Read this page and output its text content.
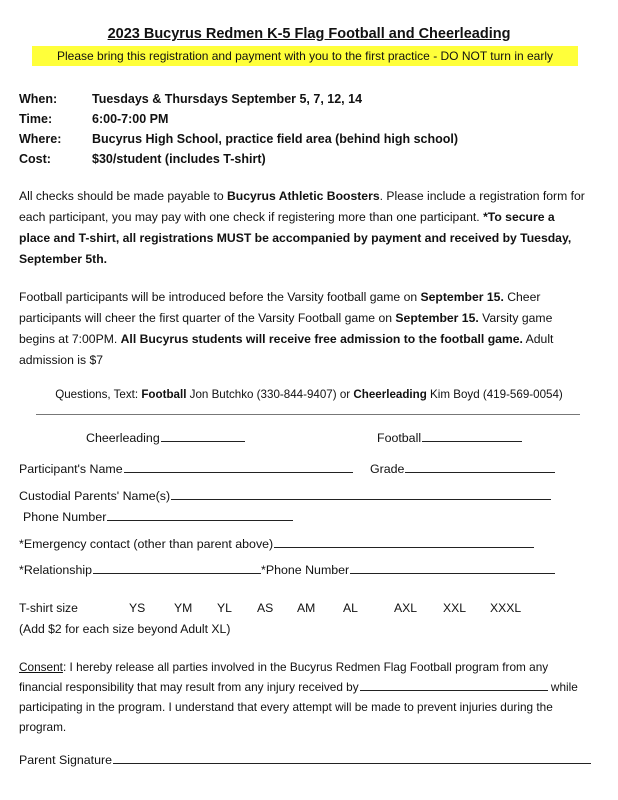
2023 Bucyrus Redmen K-5 Flag Football and Cheerleading
Please bring this registration and payment with you to the first practice - DO NOT turn in early
When:	Tuesdays & Thursdays September 5, 7, 12, 14
Time:	6:00-7:00 PM
Where: Bucyrus High School, practice field area (behind high school)
Cost:	$30/student (includes T-shirt)
All checks should be made payable to Bucyrus Athletic Boosters. Please include a registration form for each participant, you may pay with one check if registering more than one participant. *To secure a place and T-shirt, all registrations MUST be accompanied by payment and received by Tuesday, September 5th.
Football participants will be introduced before the Varsity football game on September 15. Cheer participants will cheer the first quarter of the Varsity Football game on September 15. Varsity game begins at 7:00PM. All Bucyrus students will receive free admission to the football game. Adult admission is $7
Questions, Text: Football Jon Butchko (330-844-9407) or Cheerleading Kim Boyd (419-569-0054)
Cheerleading	Football
Participant's Name	Grade
Custodial Parents' Name(s)
Phone Number
*Emergency contact (other than parent above)
*Relationship	*Phone Number
T-shirt size	YS YM YL AS AM AL	AXL XXL XXXL
(Add $2 for each size beyond Adult XL)
Consent: I hereby release all parties involved in the Bucyrus Redmen Flag Football program from any financial responsibility that may result from any injury received by	while participating in the program. I understand that every attempt will be made to prevent injuries during the program.
Parent Signature
